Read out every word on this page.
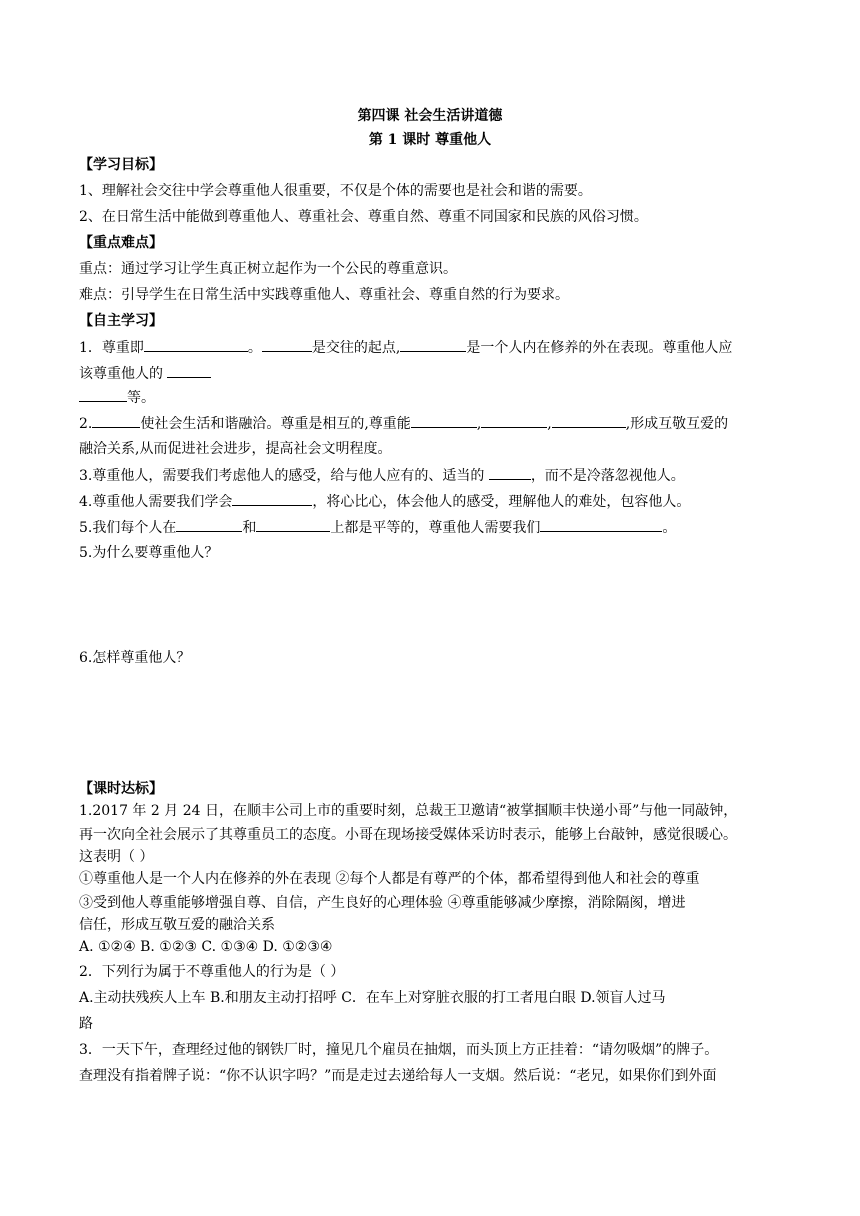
第四课 社会生活讲道德
第 1 课时 尊重他人
【学习目标】
1、理解社会交往中学会尊重他人很重要，不仅是个体的需要也是社会和谐的需要。
2、在日常生活中能做到尊重他人、尊重社会、尊重自然、尊重不同国家和民族的风俗习惯。
【重点难点】
重点：通过学习让学生真正树立起作为一个公民的尊重意识。
难点：引导学生在日常生活中实践尊重他人、尊重社会、尊重自然的行为要求。
【自主学习】
1．尊重即	。	是交往的起点,	是一个人内在修养的外在表现。尊重他人应
该尊重他人的
等。
2.	使社会生活和谐融洽。尊重是相互的,尊重能	,	,	,形成互敬互爱的
融洽关系,从而促进社会进步，提高社会文明程度。
3.尊重他人，需要我们考虑他人的感受，给与他人应有的、适当的	，而不是冷落忽视他人。
4.尊重他人需要我们学会	，将心比心，体会他人的感受，理解他人的难处，包容他人。
5.我们每个人在	和	上都是平等的，尊重他人需要我们	。
5.为什么要尊重他人？
6.怎样尊重他人？
【课时达标】
1.2017 年 2 月 24 日，在顺丰公司上市的重要时刻，总裁王卫邀请“被掌掴顺丰快递小哥”与他一同敲钟，
再一次向全社会展示了其尊重员工的态度。小哥在现场接受媒体采访时表示，能够上台敲钟，感觉很暖心。
这表明（ ）
①尊重他人是一个人内在修养的外在表现 ②每个人都是有尊严的个体，都希望得到他人和社会的尊重
③受到他人尊重能够增强自尊、自信，产生良好的心理体验 ④尊重能够减少摩擦，消除隔阂，增进
信任，形成互敬互爱的融洽关系
A. ①②④ B. ①②③ C. ①③④ D. ①②③④
2．下列行为属于不尊重他人的行为是（ ）
A.主动扶残疾人上车 B.和朋友主动打招呼 C．在车上对穿脏衣服的打工者甩白眼 D.领盲人过马
路
3．一天下午，查理经过他的钢铁厂时，撞见几个雇员在抽烟，而头顶上方正挂着：“请勿吸烟”的牌子。
查理没有指着牌子说：“你不认识字吗？”而是走过去递给每人一支烟。然后说：“老兄，如果你们到外面
